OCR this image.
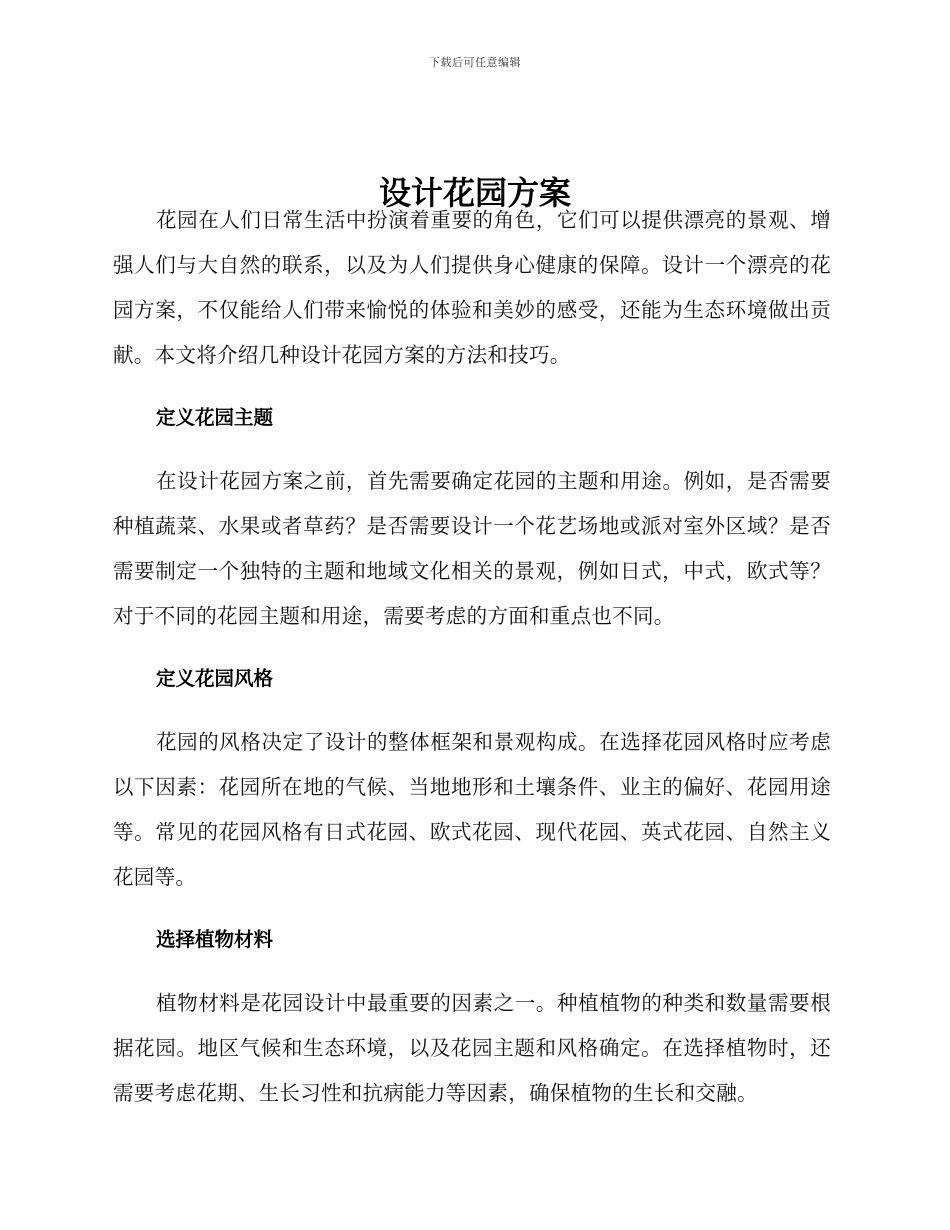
下载后可任意编辑
设计花园方案

花园在人们日常生活中扮演着重要的角色，它们可以提供漂亮的景观、增强人们与大自然的联系，以及为人们提供身心健康的保障。设计一个漂亮的花园方案，不仅能给人们带来愉悦的体验和美妙的感受，还能为生态环境做出贡献。本文将介绍几种设计花园方案的方法和技巧。

定义花园主题

在设计花园方案之前，首先需要确定花园的主题和用途。例如，是否需要种植蔬菜、水果或者草药？是否需要设计一个花艺场地或派对室外区域？是否需要制定一个独特的主题和地域文化相关的景观，例如日式，中式，欧式等？对于不同的花园主题和用途，需要考虑的方面和重点也不同。

定义花园风格

花园的风格决定了设计的整体框架和景观构成。在选择花园风格时应考虑以下因素：花园所在地的气候、当地地形和土壤条件、业主的偏好、花园用途等。常见的花园风格有日式花园、欧式花园、现代花园、英式花园、自然主义花园等。

选择植物材料

植物材料是花园设计中最重要的因素之一。种植植物的种类和数量需要根据花园。地区气候和生态环境，以及花园主题和风格确定。在选择植物时，还需要考虑花期、生长习性和抗病能力等因素，确保植物的生长和交融。
